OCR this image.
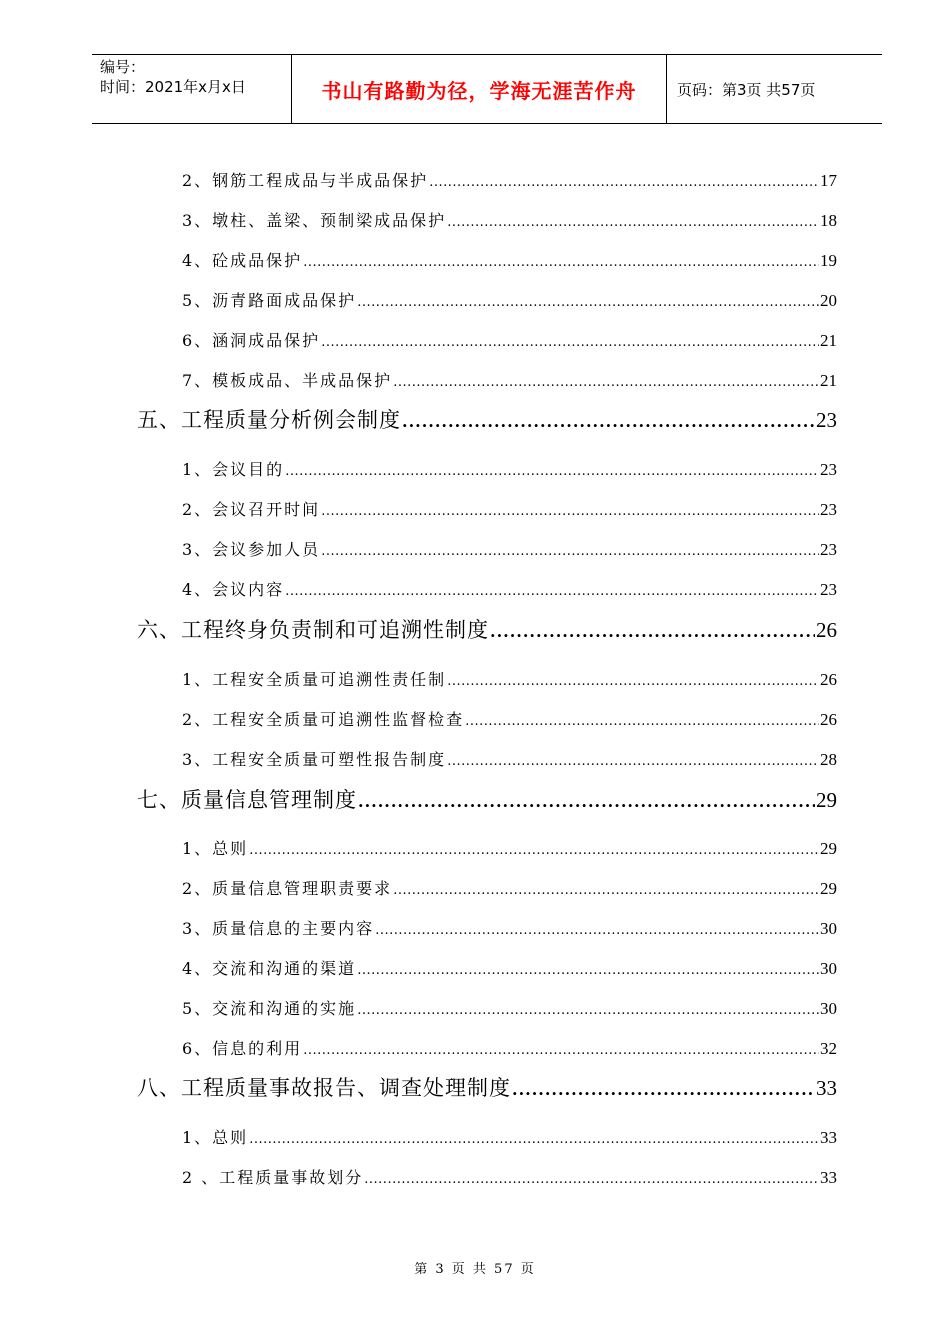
编号：
时间：2021年x月x日	书山有路勤为径，学海无涯苦作舟	页码：第3页 共57页
2、钢筋工程成品与半成品保护 .....	17
3、墩柱、盖梁、预制梁成品保护 .....	18
4、砼成品保护 .....	19
5、沥青路面成品保护 .....	20
6、涵洞成品保护 .....	21
7、模板成品、半成品保护 .....	21
五、工程质量分析例会制度 .....	23
1、会议目的 .....	23
2、会议召开时间 .....	23
3、会议参加人员 .....	23
4、会议内容 .....	23
六、工程终身负责制和可追溯性制度 .....	26
1、工程安全质量可追溯性责任制 .....	26
2、工程安全质量可追溯性监督检查 .....	26
3、工程安全质量可塑性报告制度 .....	28
七、质量信息管理制度 .....	29
1、总则 .....	29
2、质量信息管理职责要求 .....	29
3、质量信息的主要内容 .....	30
4、交流和沟通的渠道 .....	30
5、交流和沟通的实施 .....	30
6、信息的利用 .....	32
八、工程质量事故报告、调查处理制度 .....	33
1、总则 .....	33
2 、工程质量事故划分 .....	33
第 3 页 共 57 页
